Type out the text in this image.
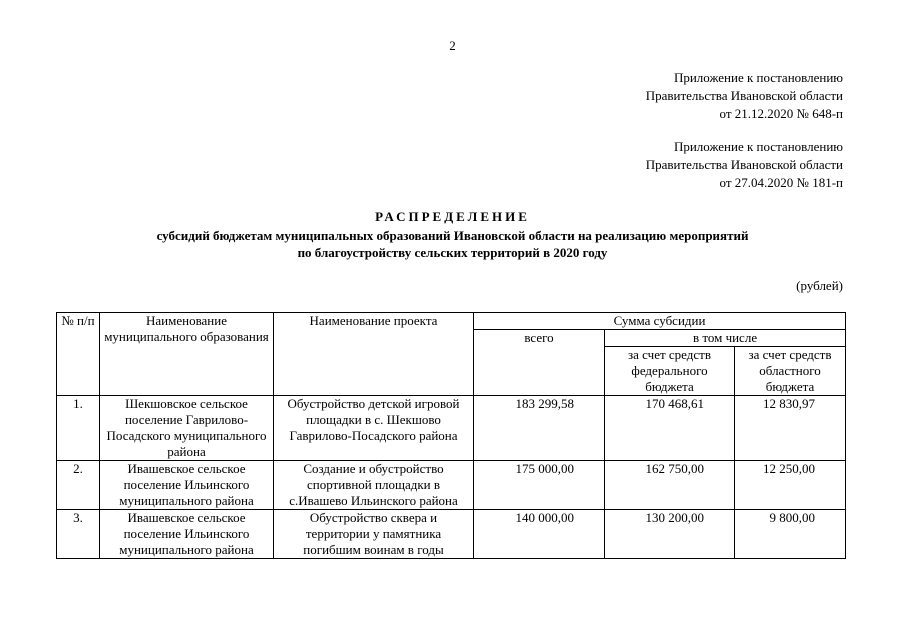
2
Приложение к постановлению
Правительства Ивановской области
от 21.12.2020 № 648-п
Приложение к постановлению
Правительства Ивановской области
от 27.04.2020 № 181-п
РАСПРЕДЕЛЕНИЕ
субсидий бюджетам муниципальных образований Ивановской области на реализацию мероприятий
по благоустройству сельских территорий в 2020 году
(рублей)
№ п/п	Наименование муниципального образования	Наименование проекта	Сумма субсидии		
			всего	в том числе	
				за счет средств федерального бюджета	за счет средств областного бюджета
1.	Шекшовское сельское поселение Гаврилово-Посадского муниципального района	Обустройство детской игровой площадки в с. Шекшово Гаврилово-Посадского района	183 299,58	170 468,61	12 830,97
2.	Ивашевское сельское поселение Ильинского муниципального района	Создание и обустройство спортивной площадки в с.Ивашево Ильинского района	175 000,00	162 750,00	12 250,00
3.	Ивашевское сельское поселение Ильинского муниципального района	Обустройство сквера и территории у памятника погибшим воинам в годы	140 000,00	130 200,00	9 800,00
